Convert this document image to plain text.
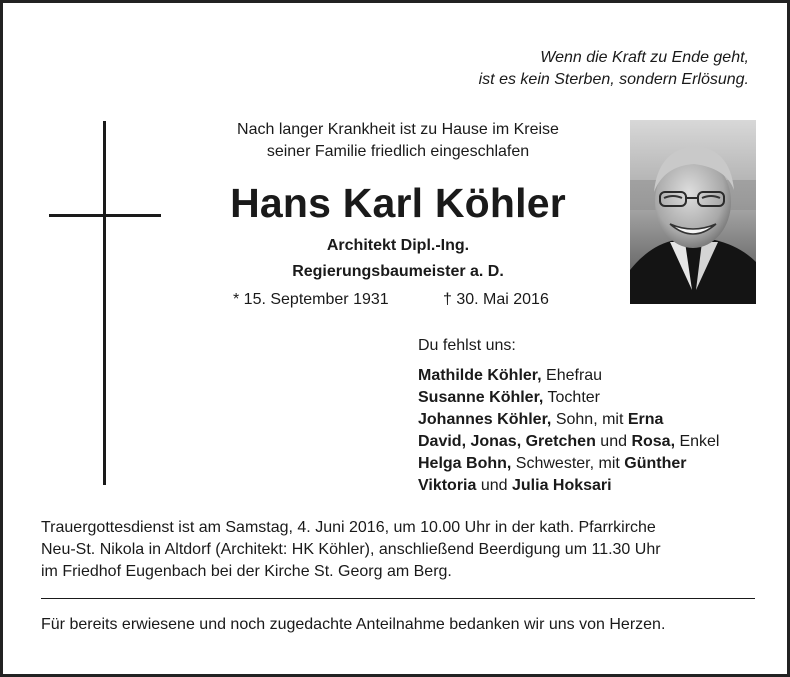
Wenn die Kraft zu Ende geht,
ist es kein Sterben, sondern Erlösung.
Nach langer Krankheit ist zu Hause im Kreise
seiner Familie friedlich eingeschlafen
Hans Karl Köhler
Architekt Dipl.-Ing.
Regierungsbaumeister a. D.
* 15. September 1931	† 30. Mai 2016
Du fehlst uns:
Mathilde Köhler, Ehefrau
Susanne Köhler, Tochter
Johannes Köhler, Sohn, mit Erna
David, Jonas, Gretchen und Rosa, Enkel
Helga Bohn, Schwester, mit Günther
Viktoria und Julia Hoksari
Trauergottesdienst ist am Samstag, 4. Juni 2016, um 10.00 Uhr in der kath. Pfarrkirche
Neu-St. Nikola in Altdorf (Architekt: HK Köhler), anschließend Beerdigung um 11.30 Uhr
im Friedhof Eugenbach bei der Kirche St. Georg am Berg.
Für bereits erwiesene und noch zugedachte Anteilnahme bedanken wir uns von Herzen.
